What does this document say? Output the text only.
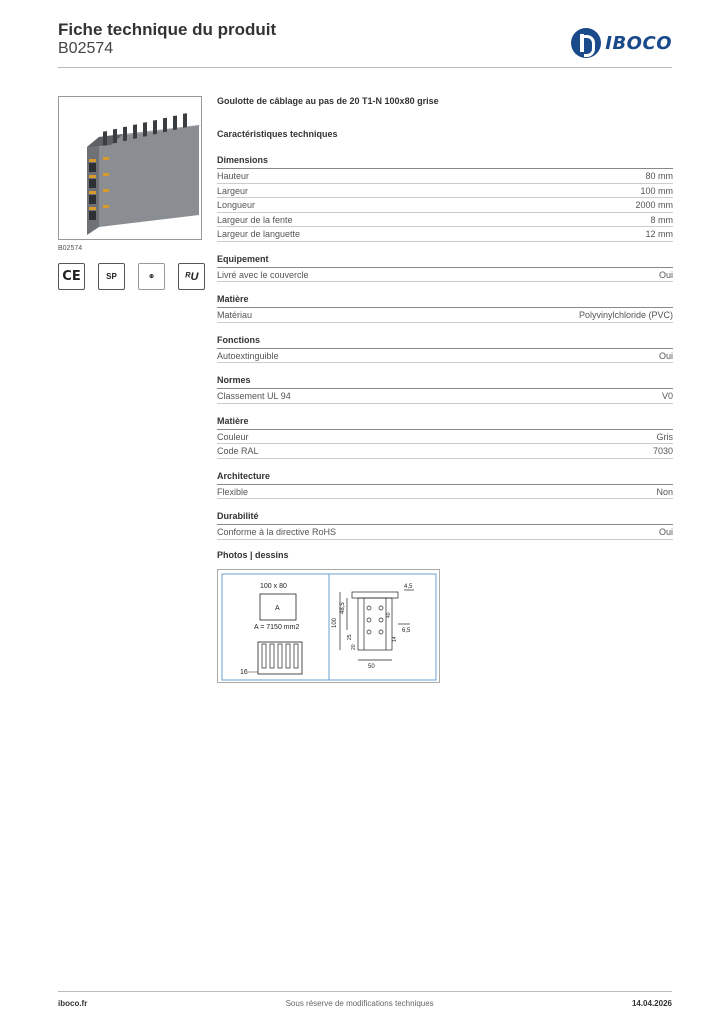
Fiche technique du produit
B02574	IBOCO
B02574
CE	SP	⊕	ᴿU
Goulotte de câblage au pas de 20 T1-N 100x80 grise
Caractéristiques techniques
Dimensions
Hauteur	80 mm
Largeur	100 mm
Longueur	2000 mm
Largeur de la fente	8 mm
Largeur de languette	12 mm
Equipement
Livré avec le couvercle	Oui
Matière
Matériau	Polyvinylchloride (PVC)
Fonctions
Autoextinguible	Oui
Normes
Classement UL 94	V0
Matière
Couleur	Gris
Code RAL	7030
Architecture
Flexible	Non
Durabilité
Conforme à la directive RoHS	Oui
Photos | dessins
100 x 80
A
A = 7150 mm2
16
100
48,5
4,5
6,5
50
25
20
40
14
iboco.fr	Sous réserve de modifications techniques	14.04.2026
